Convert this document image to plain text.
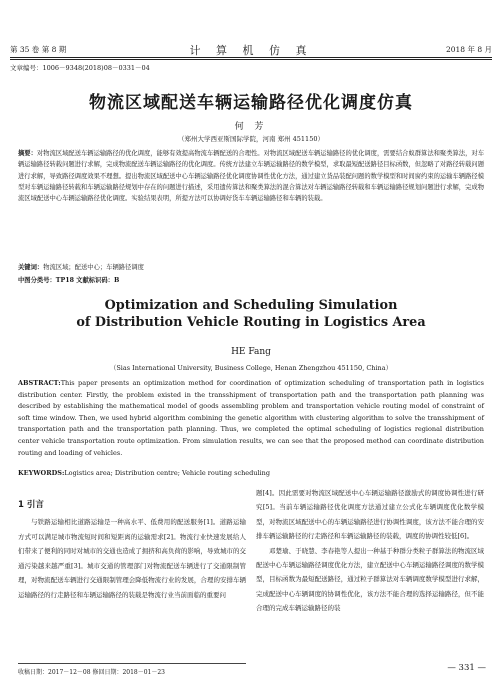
第 35 卷 第 8 期	计 算 机 仿 真	2018 年 8 月
文章编号：1006－9348(2018)08－0331－04
物流区域配送车辆运输路径优化调度仿真
何 芳
（郑州大学西亚斯国际学院，河南 郑州 451150）
摘要：对物流区域配送车辆运输路径的优化调度，能够有效提高物流车辆配送的合理性。对物流区域配送车辆运输路径的优化调度，需要结合蚁群算法和聚类算法，对车辆运输路径转载问题进行求解，完成物流配送车辆运输路径的优化调度。传统方法建立车辆运输路径的数学模型，求取最短配送路径目标函数，但忽略了对路径转载问题进行求解，导致路径调度效果不理想。提出物流区域配送中心车辆运输路径优化调度协调性优化方法，通过建立货品装配问题的数学模型和时间窗约束的运输车辆路径模型对车辆运输路径转载和车辆运输路径规划中存在的问题进行描述，采用遗传算法和聚类算法的混合算法对车辆运输路径转载和车辆运输路径规划问题进行求解，完成物流区域配送中心车辆运输路径优化调度。实验结果表明，所提方法可以协调好货车车辆运输路径和车辆的装载。
关键词：物流区域；配送中心；车辆路径调度
中图分类号：TP18 文献标识码：B
Optimization and Scheduling Simulation
of Distribution Vehicle Routing in Logistics Area
HE Fang
（Sias International University, Business College, Henan Zhengzhou 451150, China）
ABSTRACT:This paper presents an optimization method for coordination of optimization scheduling of transportation path in logistics distribution center. Firstly, the problem existed in the transshipment of transportation path and the transportation path planning was described by establishing the mathematical model of goods assembling problem and transportation vehicle routing model of constraint of soft time window. Then, we used hybrid algorithm combining the genetic algorithm with clustering algorithm to solve the transshipment of transportation path and the transportation path planning. Thus, we completed the optimal scheduling of logistics regional distribution center vehicle transportation route optimization. From simulation results, we can see that the proposed method can coordinate distribution routing and loading of vehicles.
KEYWORDS:Logistics area; Distribution centre; Vehicle routing scheduling
1 引言

与铁路运输相比道路运输是一种高水平、低费用的配送服务[1]。道路运输方式可以满足城市物流短时间和短距离的运输需求[2]。物流行业快速发展给人们带来了便利的同时对城市的交通也造成了拥挤和高负荷的影响，导致城市的交通污染越来越严重[3]。城市交通的管理部门对物流配送车辆进行了交通限制管理，对物流配送车辆进行交通限制管理会降低物流行业的发展，合理的安排车辆运输路径的行走路径和车辆运输路径的装载是物流行业当前面临的重要问

题[4]。因此需要对物流区域配送中心车辆运输路径激励式的调度协调性进行研究[5]。当前车辆运输路径优化调度方法通过建立公式化车辆调度优化数学模型，对物流区域配送中心的车辆运输路径进行协调性调度，该方法不能合理的安排车辆运输路径的行走路径和车辆运输路径的装载，调度的协调性较低[6]。

邓楚瑜、于晓慧、李春艳等人提出一种基于种群分类粒子群算法的物流区域配送中心车辆运输路径调度优化方法，建立配送中心车辆运输路径调度的数学模型，目标函数为最短配送路径，通过粒子群算法对车辆调度数学模型进行求解，完成配送中心车辆调度的协调性优化，该方法不能合理的选择运输路径，但不能合理的完成车辆运输路径的装

收稿日期：2017－12－08 修回日期：2018－01－23	— 331 —
